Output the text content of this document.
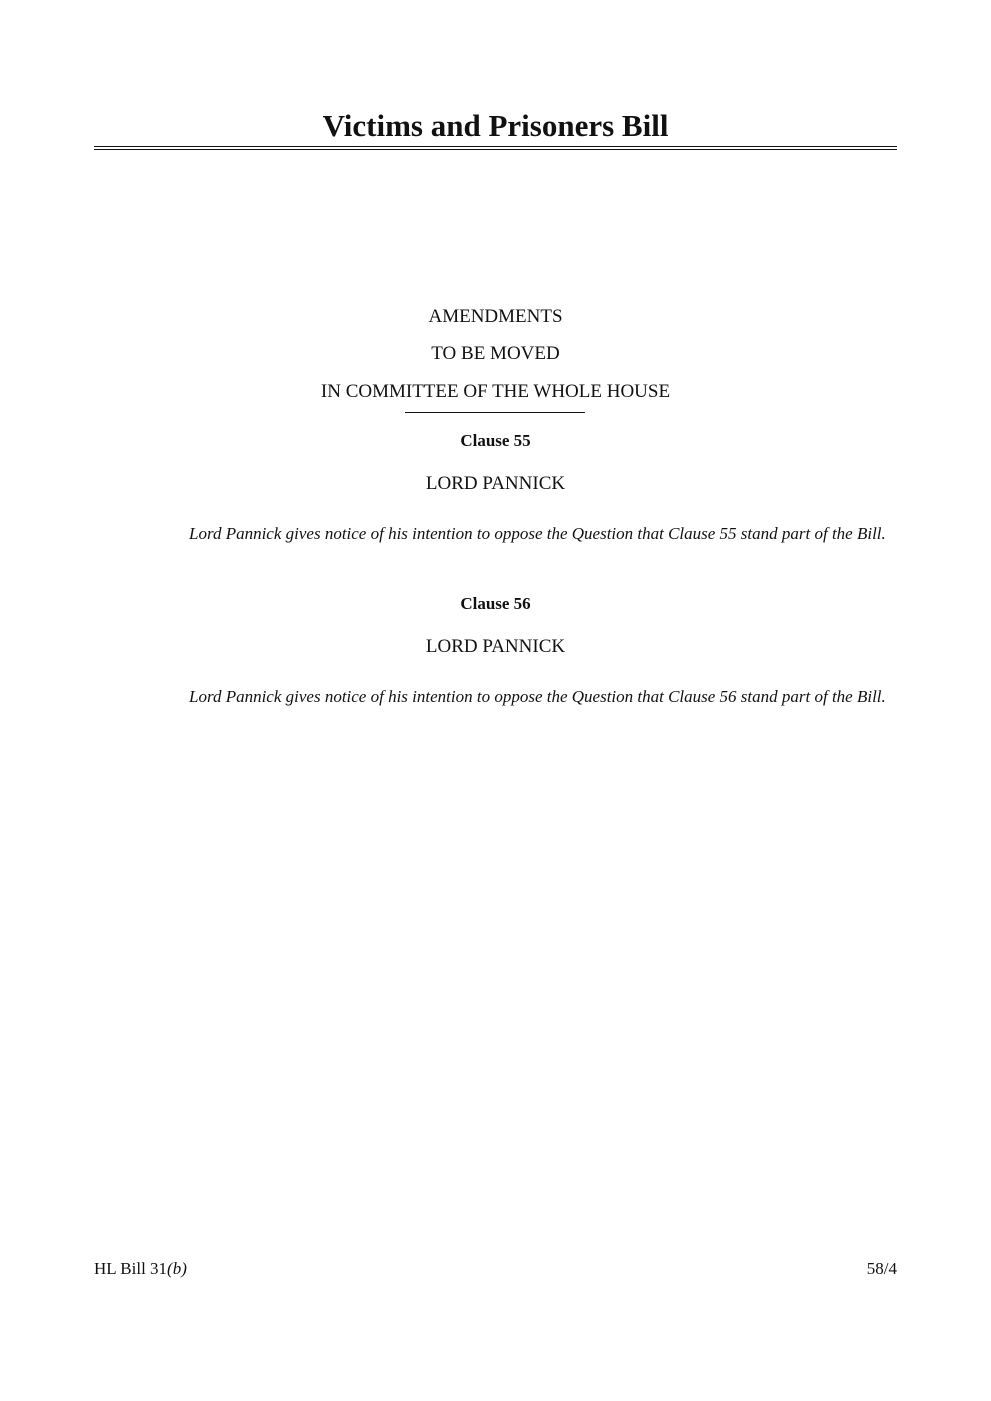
Victims and Prisoners Bill
AMENDMENTS
TO BE MOVED
IN COMMITTEE OF THE WHOLE HOUSE
Clause 55
LORD PANNICK
Lord Pannick gives notice of his intention to oppose the Question that Clause 55 stand part of the Bill.
Clause 56
LORD PANNICK
Lord Pannick gives notice of his intention to oppose the Question that Clause 56 stand part of the Bill.
HL Bill 31(b)	58/4
